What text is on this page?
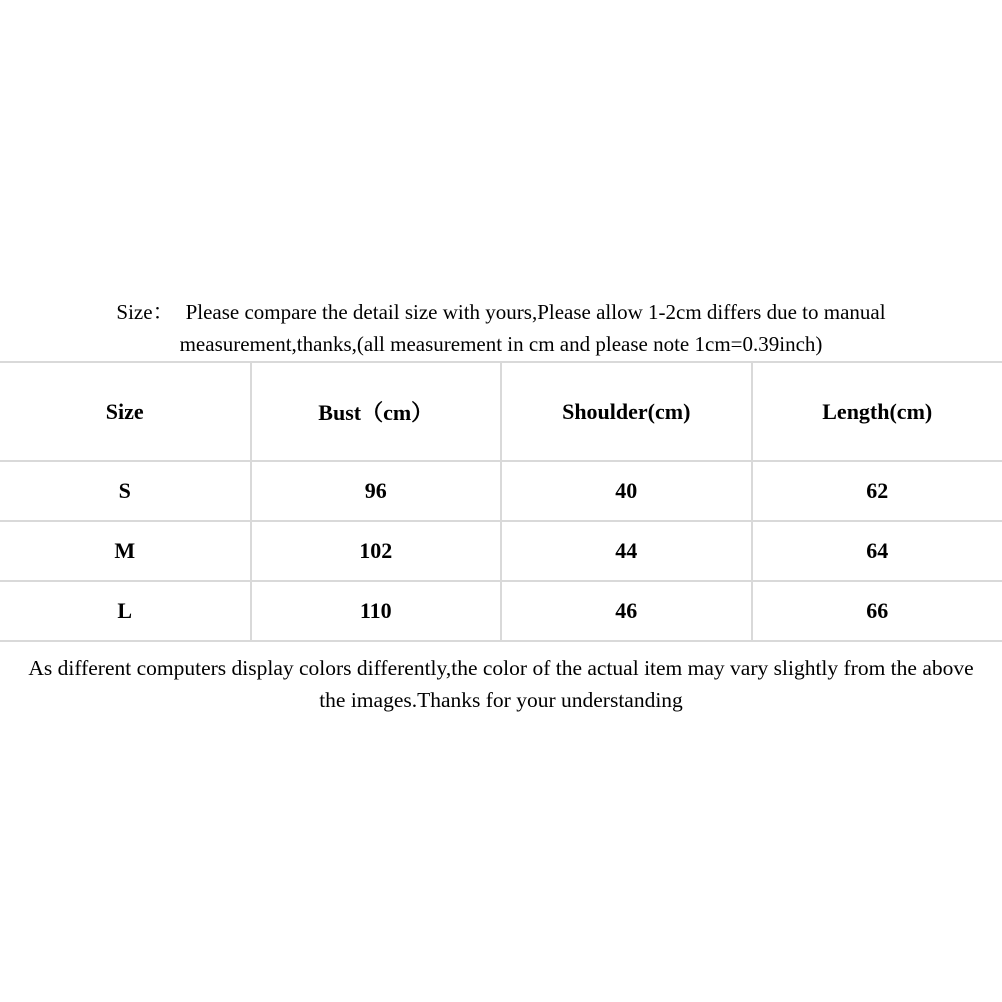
Size： Please compare the detail size with yours,Please allow 1-2cm differs due to manual
measurement,thanks,(all measurement in cm and please note 1cm=0.39inch)
Size	Bust（cm）	Shoulder(cm)	Length(cm)
S	96	40	62
M	102	44	64
L	110	46	66
As different computers display colors differently,the color of the actual item may vary slightly from the above
the images.Thanks for your understanding
